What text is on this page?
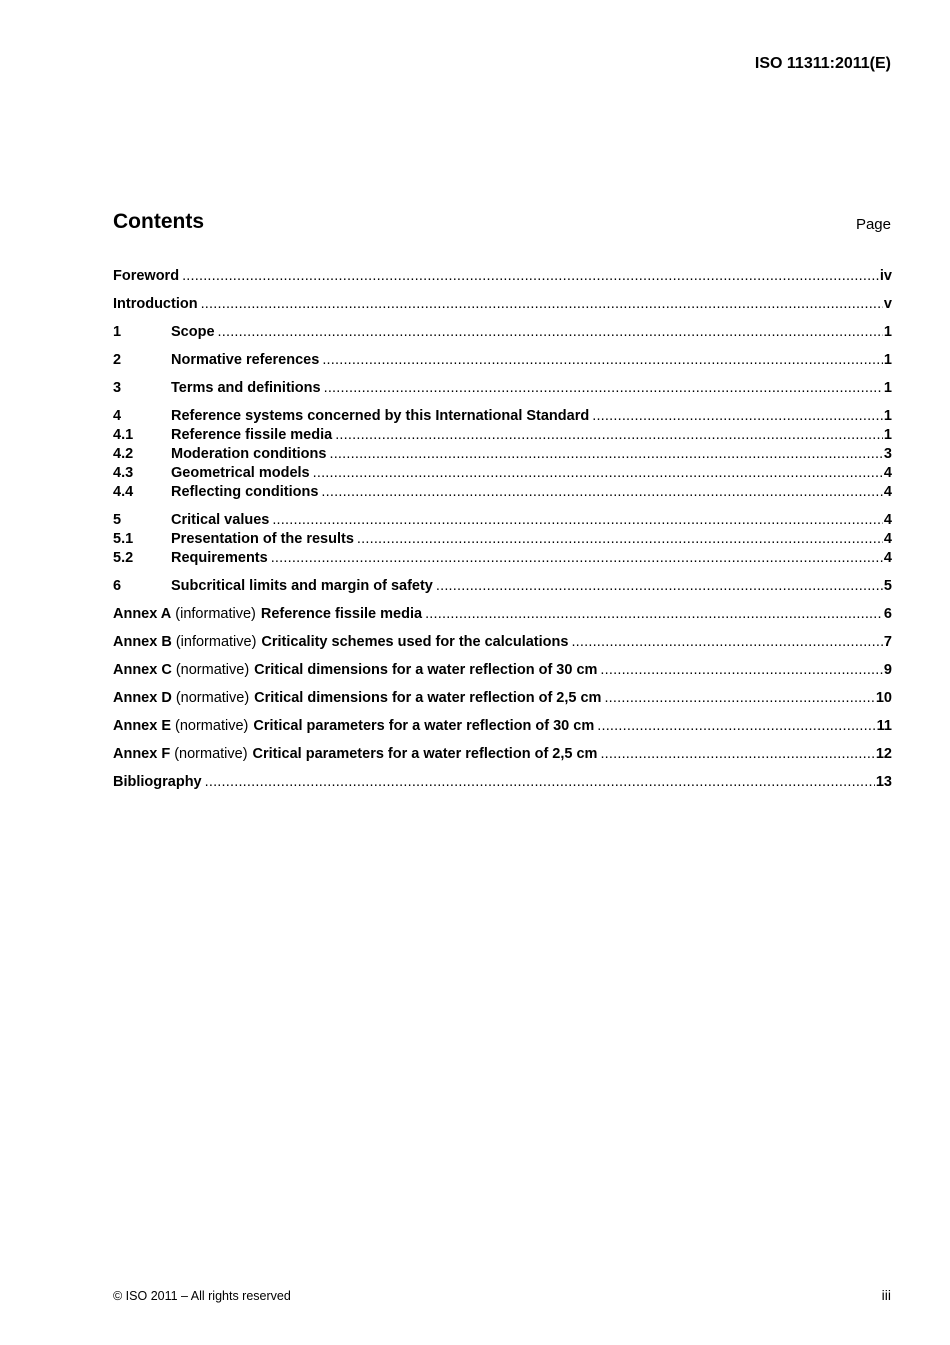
ISO 11311:2011(E)
Contents	Page
Foreword .....	iv
Introduction .....	v
1	Scope .....	1
2	Normative references .....	1
3	Terms and definitions .....	1
4	Reference systems concerned by this International Standard .....	1
4.1	Reference fissile media .....	1
4.2	Moderation conditions .....	3
4.3	Geometrical models .....	4
4.4	Reflecting conditions .....	4
5	Critical values .....	4
5.1	Presentation of the results .....	4
5.2	Requirements .....	4
6	Subcritical limits and margin of safety .....	5
Annex A (informative) Reference fissile media .....	6
Annex B (informative) Criticality schemes used for the calculations .....	7
Annex C (normative) Critical dimensions for a water reflection of 30 cm .....	9
Annex D (normative) Critical dimensions for a water reflection of 2,5 cm .....	10
Annex E (normative) Critical parameters for a water reflection of 30 cm .....	11
Annex F (normative) Critical parameters for a water reflection of 2,5 cm .....	12
Bibliography .....	13
© ISO 2011 – All rights reserved	iii
